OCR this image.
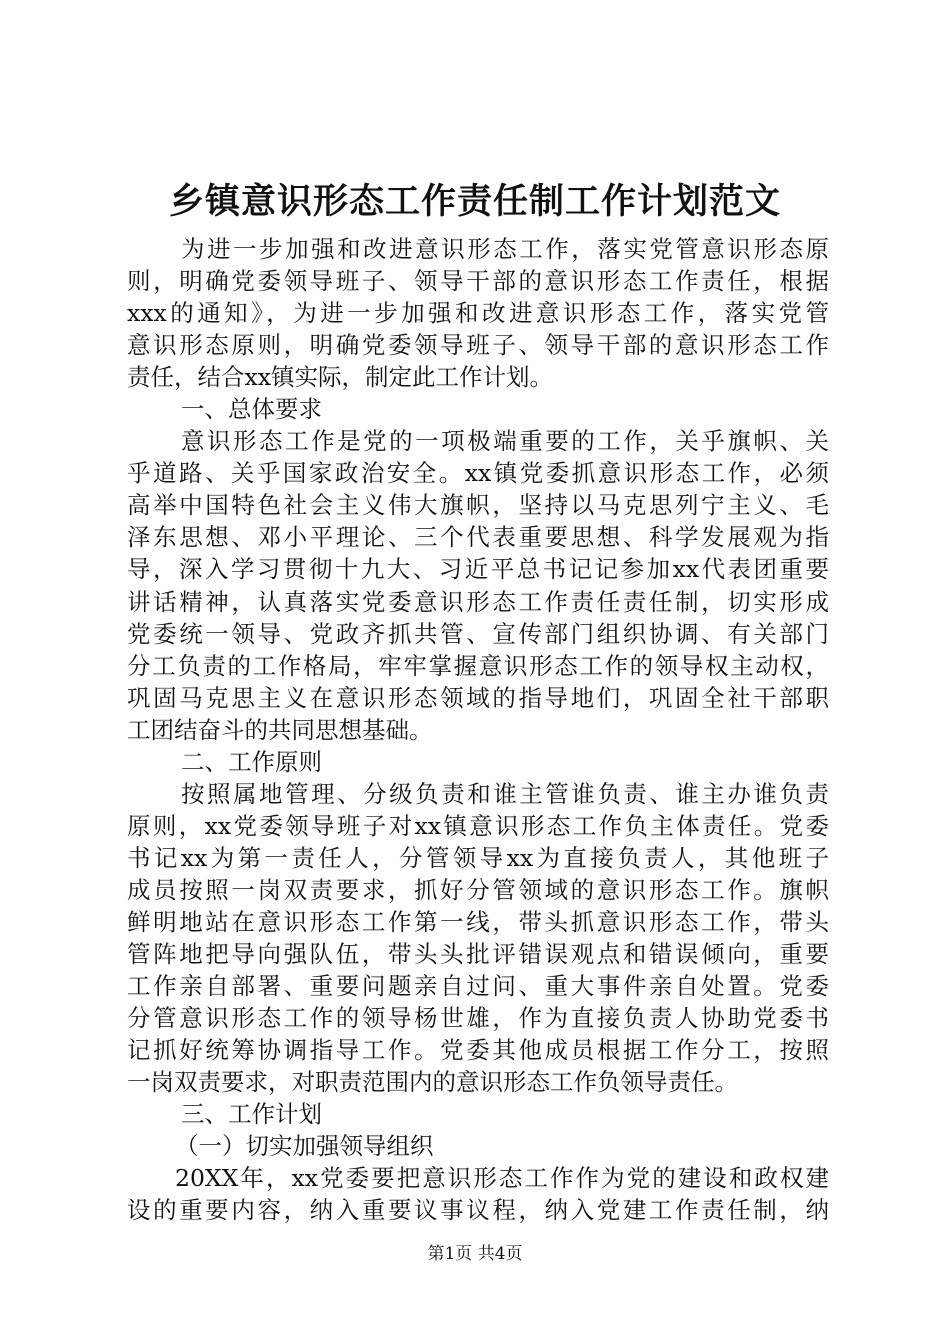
乡镇意识形态工作责任制工作计划范文
为进一步加强和改进意识形态工作，落实党管意识形态原
则，明确党委领导班子、领导干部的意识形态工作责任，根据
xxx的通知》，为进一步加强和改进意识形态工作，落实党管
意识形态原则，明确党委领导班子、领导干部的意识形态工作
责任，结合xx镇实际，制定此工作计划。
一、总体要求
意识形态工作是党的一项极端重要的工作，关乎旗帜、关
乎道路、关乎国家政治安全。xx镇党委抓意识形态工作，必须
高举中国特色社会主义伟大旗帜，坚持以马克思列宁主义、毛
泽东思想、邓小平理论、三个代表重要思想、科学发展观为指
导，深入学习贯彻十九大、习近平总书记记参加xx代表团重要
讲话精神，认真落实党委意识形态工作责任责任制，切实形成
党委统一领导、党政齐抓共管、宣传部门组织协调、有关部门
分工负责的工作格局，牢牢掌握意识形态工作的领导权主动权，
巩固马克思主义在意识形态领域的指导地们，巩固全社干部职
工团结奋斗的共同思想基础。
二、工作原则
按照属地管理、分级负责和谁主管谁负责、谁主办谁负责
原则，xx党委领导班子对xx镇意识形态工作负主体责任。党委
书记xx为第一责任人，分管领导xx为直接负责人，其他班子
成员按照一岗双责要求，抓好分管领域的意识形态工作。旗帜
鲜明地站在意识形态工作第一线，带头抓意识形态工作，带头
管阵地把导向强队伍，带头头批评错误观点和错误倾向，重要
工作亲自部署、重要问题亲自过问、重大事件亲自处置。党委
分管意识形态工作的领导杨世雄，作为直接负责人协助党委书
记抓好统筹协调指导工作。党委其他成员根据工作分工，按照
一岗双责要求，对职责范围内的意识形态工作负领导责任。
三、工作计划
（一）切实加强领导组织
20XX年，xx党委要把意识形态工作作为党的建设和政权建
设的重要内容，纳入重要议事议程，纳入党建工作责任制，纳
第1页 共4页
